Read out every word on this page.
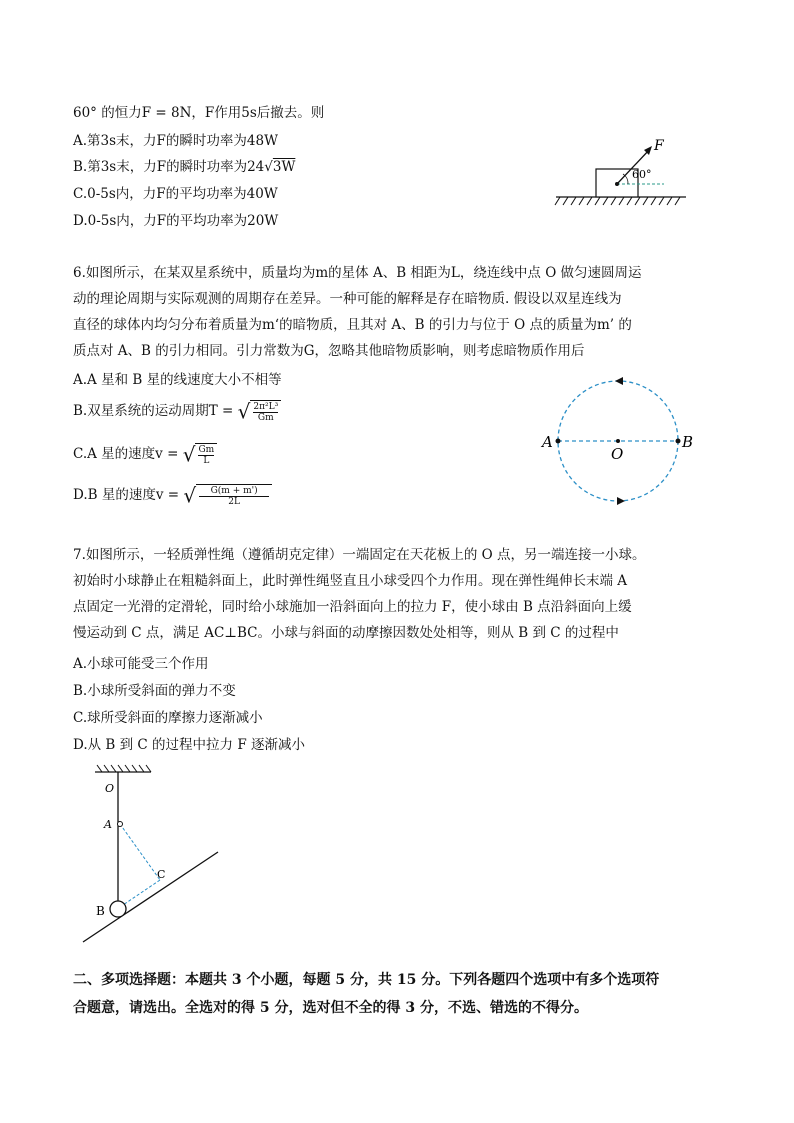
60° 的恒力F = 8N，F作用5s后撤去。则
A.第3s末，力F的瞬时功率为48W
B.第3s末，力F的瞬时功率为24√3W
C.0-5s内，力F的平均功率为40W
D.0-5s内，力F的平均功率为20W
F
60°
6.如图所示，在某双星系统中，质量均为m的星体 A、B 相距为L，绕连线中点 O 做匀速圆周运
动的理论周期与实际观测的周期存在差异。一种可能的解释是存在暗物质. 假设以双星连线为
直径的球体内均匀分布着质量为m‘的暗物质，且其对 A、B 的引力与位于 O 点的质量为m’ 的
质点对 A、B 的引力相同。引力常数为G，忽略其他暗物质影响，则考虑暗物质作用后
A.A 星和 B 星的线速度大小不相等
B.双星系统的运动周期T = √ $\frac{\text{2π²L³}}{Gm}$
C.A 星的速度v = √ $\frac{Gm}{L}$
D.B 星的速度v = √ $\frac{G(m + m')}{2L}$
A	B
O
7.如图所示，一轻质弹性绳（遵循胡克定律）一端固定在天花板上的 O 点，另一端连接一小球。
初始时小球静止在粗糙斜面上，此时弹性绳竖直且小球受四个力作用。现在弹性绳伸长末端 A
点固定一光滑的定滑轮，同时给小球施加一沿斜面向上的拉力 F，使小球由 B 点沿斜面向上缓
慢运动到 C 点，满足 AC⊥BC。小球与斜面的动摩擦因数处处相等，则从 B 到 C 的过程中
A.小球可能受三个作用
B.小球所受斜面的弹力不变
C.球所受斜面的摩擦力逐渐减小
D.从 B 到 C 的过程中拉力 F 逐渐减小
O
A
C
B
二、多项选择题：本题共 3 个小题，每题 5 分，共 15 分。下列各题四个选项中有多个选项符
合题意，请选出。全选对的得 5 分，选对但不全的得 3 分，不选、错选的不得分。
